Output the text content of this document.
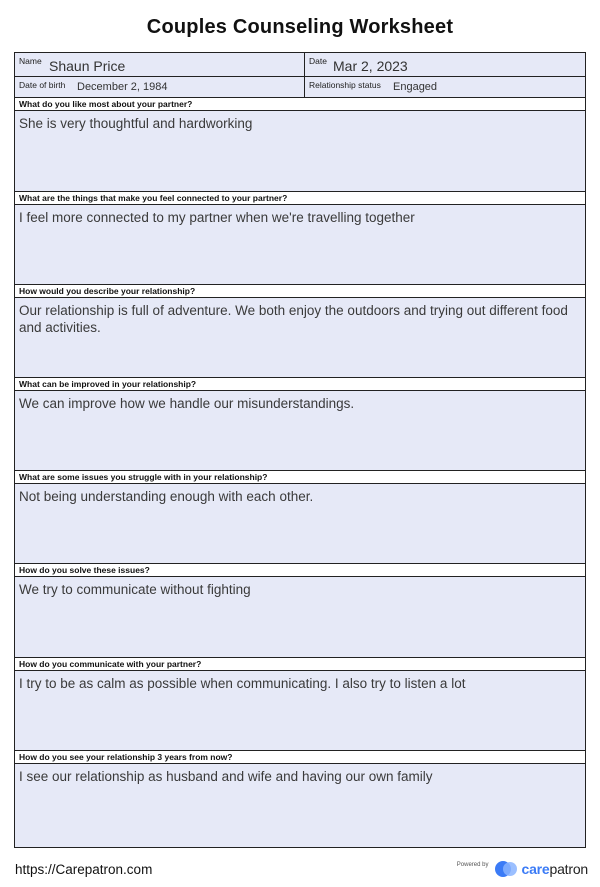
Couples Counseling Worksheet
Name Shaun Price	Date Mar 2, 2023
Date of birth December 2, 1984	Relationship status Engaged
What do you like most about your partner?
She is very thoughtful and hardworking
What are the things that make you feel connected to your partner?
I feel more connected to my partner when we're travelling together
How would you describe your relationship?
Our relationship is full of adventure. We both enjoy the outdoors and trying out different food and activities.
What can be improved in your relationship?
We can improve how we handle our misunderstandings.
What are some issues you struggle with in your relationship?
Not being understanding enough with each other.
How do you solve these issues?
We try to communicate without fighting
How do you communicate with your partner?
I try to be as calm as possible when communicating. I also try to listen a lot
How do you see your relationship 3 years from now?
I see our relationship as husband and wife and having our own family
https://Carepatron.com	Powered by carepatron
